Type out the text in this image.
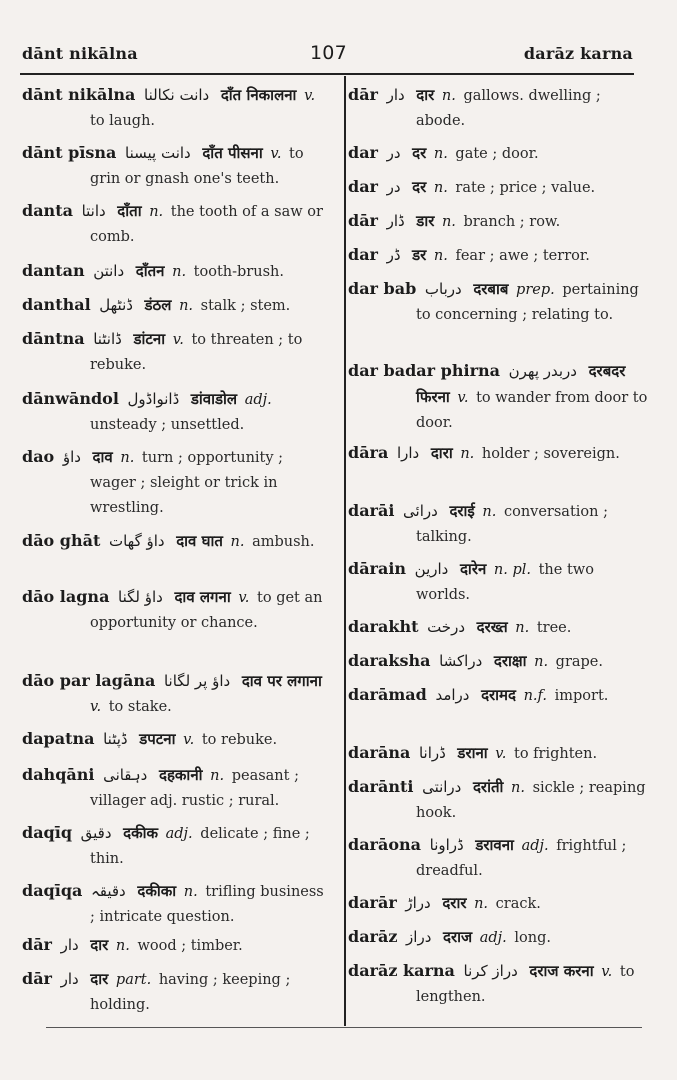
dānt nikālna	107	darāz karna
dānt nikālna دانت نکالنا दाँत निकालना v. to laugh.
dānt pīsna دانت پیسنا दाँत पीसना v. to grin or gnash one's teeth.
danta دانتا दाँता n. the tooth of a saw or comb.
dantan دانتن दाँतन n. tooth-brush.
danthal ڈنٹھل डंठल n. stalk ; stem.
dāntna ڈانٹنا डांटना v. to threaten ; to rebuke.
dānwāndol ڈانواڈول डांवाडोल adj. unsteady ; unsettled.
dao داؤ दाव n. turn ; opportunity ; wager ; sleight or trick in wrestling.
dāo ghāt داؤ گھات दाव घात n. ambush.
dāo lagna داؤ لگنا दाव लगना v. to get an opportunity or chance.
dāo par lagāna داؤ پر لگانا दाव पर लगाना v. to stake.
dapatna ڈپٹنا डपटना v. to rebuke.
dahqāni دہقانی दहकानी n. peasant ; villager adj. rustic ; rural.
daqīq دقیق दकीक adj. delicate ; fine ; thin.
daqīqa دقیقہ दकीका n. trifling business ; intricate question.
dār دار दार n. wood ; timber.
dār دار दार part. having ; keeping ; holding.
dār دار दार n. gallows. dwelling ; abode.
dar در दर n. gate ; door.
dar در दर n. rate ; price ; value.
dār ڈار डार n. branch ; row.
dar ڈر डर n. fear ; awe ; terror.
dar bab درباب दरबाब prep. pertaining to concerning ; relating to.
dar badar phirna دربدر پھرن दरबदर फिरना v. to wander from door to door.
dāra دارا दारा n. holder ; sovereign.
darāi درائی दराई n. conversation ; talking.
dārain دارین दारेन n. pl. the two worlds.
darakht درخت दरख्त n. tree.
daraksha دراکشا दराक्षा n. grape.
darāmad درامد दरामद n.f. import.
darāna ڈرانا डराना v. to frighten.
darānti درانتی दरांती n. sickle ; reaping hook.
darāona ڈراونا डरावना adj. frightful ; dreadful.
darār دراڑ दरार n. crack.
darāz دراز दराज adj. long.
darāz karna دراز کرنا दराज करना v. to lengthen.
